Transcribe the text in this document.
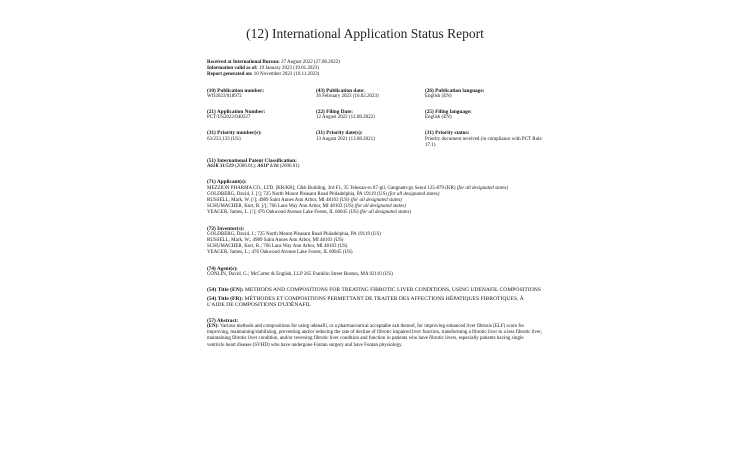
(12) International Application Status Report

Received at International Bureau: 27 August 2022 (27.08.2022)

Information valid as of: 19 January 2023 (19.01.2023)

Report generated on: 10 November 2023 (10.11.2023)

(10) Publication number:

WO2023/018972

(43) Publication date:

16 February 2023 (16.02.2023)

(26) Publication language:

English (EN)

(21) Application Number:

PCT/US2022/040227

(22) Filing Date:

12 August 2022 (12.08.2022)

(25) Filing language:

English (EN)

(31) Priority number(s):

63/233,133 (US)

(31) Priority date(s):

13 August 2021 (13.08.2021)

(31) Priority status:

Priority document received (in compliance with PCT Rule 17.1)

(51) International Patent Classification:

A61K 31/519 (2006.01); A61P 1/16 (2006.01)

(71) Applicant(s):

MEZZION PHARMA CO., LTD. [KR/KR]; C&h Building, 3rd Fl., 35 Teheran-ro 87-gil, Gangnam-gu Seoul 135-879 (KR) (for all designated states)

GOLDBERG, David, J. [/]; 725 North Mount Pleasant Road Philadelphia, PA 19119 (US) (for all designated states)

RUSSELL, Mark, W. [/]; 4989 Saint Annes Ann Arbor, MI 48103 (US) (for all designated states)

SCHUMACHER, Kurt, R. [/]; 766 Lans Way Ann Arbor, MI 48103 (US) (for all designated states)

YEAGER, James, L. [/]; 476 Oakwood Avenue Lake Forest, IL 60045 (US) (for all designated states)

(72) Inventor(s):

GOLDBERG, David, J.; 725 North Mount Pleasant Road Philadelphia, PA 19119 (US)

RUSSELL, Mark, W.; 4989 Saint Annes Ann Arbor, MI 48103 (US)

SCHUMACHER, Kurt, R.; 766 Lans Way Ann Arbor, MI 48103 (US)

YEAGER, James, L.; 476 Oakwood Avenue Lake Forest, IL 60045 (US)

(74) Agent(s):

CONLIN, David, G.; McCarter & English, LLP 265 Franklin Street Boston, MA 02110 (US)

(54) Title (EN): METHODS AND COMPOSITIONS FOR TREATING FIBROTIC LIVER CONDITIONS, USING UDENAFIL COMPOSITIONS

(54) Title (FR): MÉTHODES ET COMPOSITIONS PERMETTANT DE TRAITER DES AFFECTIONS HÉPATIQUES FIBROTIQUES, À L'AIDE DE COMPOSITIONS D'UDÉNAFIL

(57) Abstract:

(EN): Various methods and compositions for using udenafil, or a pharmaceutical acceptable salt thereof, for improving enhanced liver fibrosis (ELF) score for improving, maintaining/stabilizing, preventing and/or reducing the rate of decline of fibrotic impaired liver function, transforming a fibrotic liver to a less fibrotic liver, maintaining fibrotic liver condition, and/or reversing fibrotic liver condition and function in patients who have fibrotic livers, especially patients having single ventricle heart disease (SVHD) who have undergone Fontan surgery and have Fontan physiology.
